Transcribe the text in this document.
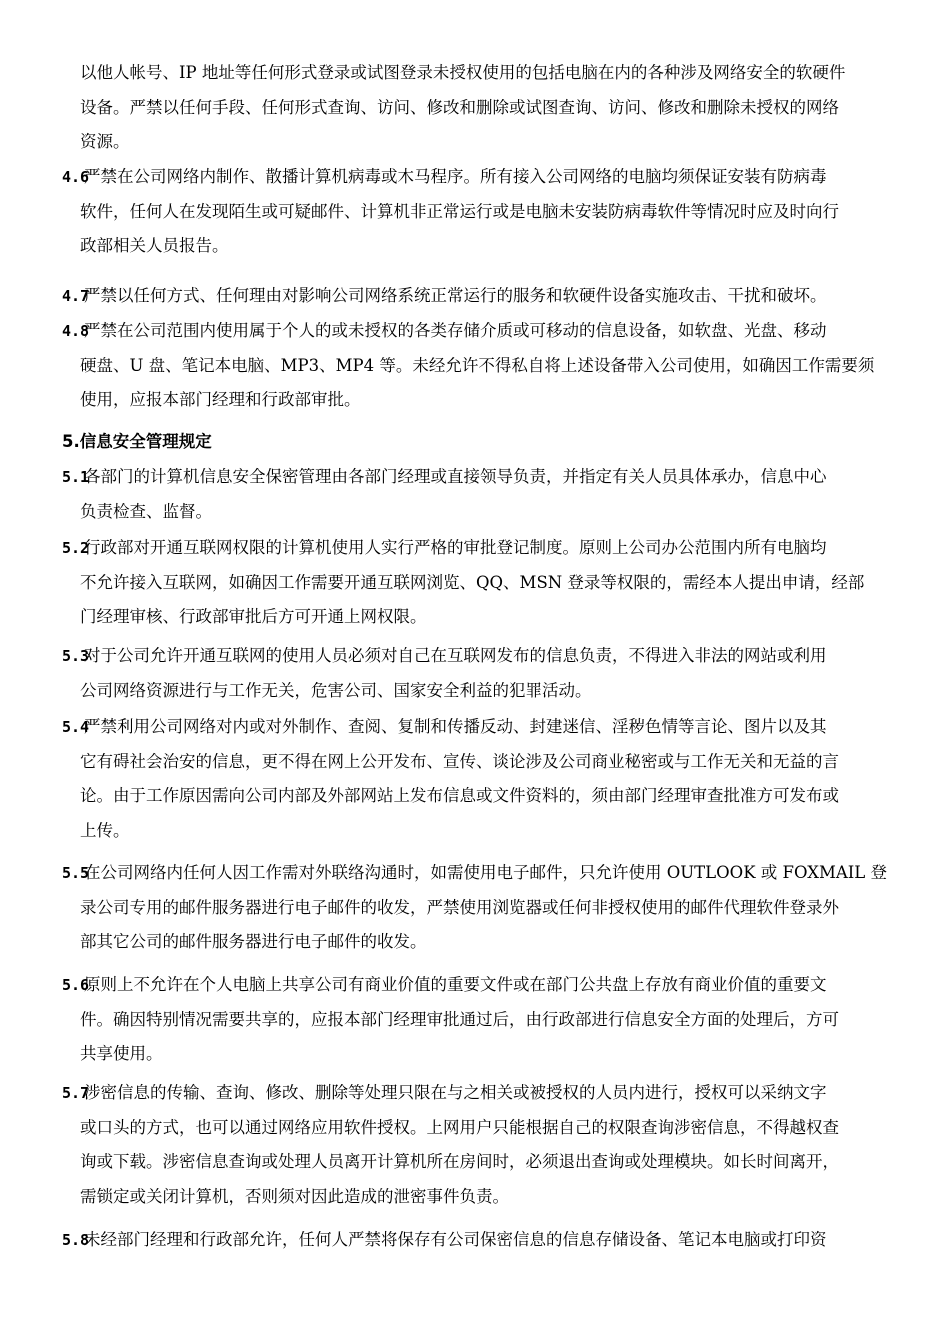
以他人帐号、IP 地址等任何形式登录或试图登录未授权使用的包括电脑在内的各种涉及网络安全的软硬件
设备。严禁以任何手段、任何形式查询、访问、修改和删除或试图查询、访问、修改和删除未授权的网络
资源。
4.6严禁在公司网络内制作、散播计算机病毒或木马程序。所有接入公司网络的电脑均须保证安装有防病毒
软件，任何人在发现陌生或可疑邮件、计算机非正常运行或是电脑未安装防病毒软件等情况时应及时向行
政部相关人员报告。
4.7严禁以任何方式、任何理由对影响公司网络系统正常运行的服务和软硬件设备实施攻击、干扰和破坏。
4.8严禁在公司范围内使用属于个人的或未授权的各类存储介质或可移动的信息设备，如软盘、光盘、移动
硬盘、U 盘、笔记本电脑、MP3、MP4 等。未经允许不得私自将上述设备带入公司使用，如确因工作需要须
使用，应报本部门经理和行政部审批。
5.信息安全管理规定
5.1各部门的计算机信息安全保密管理由各部门经理或直接领导负责，并指定有关人员具体承办，信息中心
负责检查、监督。
5.2行政部对开通互联网权限的计算机使用人实行严格的审批登记制度。原则上公司办公范围内所有电脑均
不允许接入互联网，如确因工作需要开通互联网浏览、QQ、MSN 登录等权限的，需经本人提出申请，经部
门经理审核、行政部审批后方可开通上网权限。
5.3对于公司允许开通互联网的使用人员必须对自己在互联网发布的信息负责，不得进入非法的网站或利用
公司网络资源进行与工作无关，危害公司、国家安全利益的犯罪活动。
5.4严禁利用公司网络对内或对外制作、查阅、复制和传播反动、封建迷信、淫秽色情等言论、图片以及其
它有碍社会治安的信息，更不得在网上公开发布、宣传、谈论涉及公司商业秘密或与工作无关和无益的言
论。由于工作原因需向公司内部及外部网站上发布信息或文件资料的，须由部门经理审查批准方可发布或
上传。
5.5在公司网络内任何人因工作需对外联络沟通时，如需使用电子邮件，只允许使用 OUTLOOK 或 FOXMAIL 登
录公司专用的邮件服务器进行电子邮件的收发，严禁使用浏览器或任何非授权使用的邮件代理软件登录外
部其它公司的邮件服务器进行电子邮件的收发。
5.6原则上不允许在个人电脑上共享公司有商业价值的重要文件或在部门公共盘上存放有商业价值的重要文
件。确因特别情况需要共享的，应报本部门经理审批通过后，由行政部进行信息安全方面的处理后，方可
共享使用。
5.7涉密信息的传输、查询、修改、删除等处理只限在与之相关或被授权的人员内进行，授权可以采纳文字
或口头的方式，也可以通过网络应用软件授权。上网用户只能根据自己的权限查询涉密信息，不得越权查
询或下载。涉密信息查询或处理人员离开计算机所在房间时，必须退出查询或处理模块。如长时间离开，
需锁定或关闭计算机，否则须对因此造成的泄密事件负责。
5.8未经部门经理和行政部允许，任何人严禁将保存有公司保密信息的信息存储设备、笔记本电脑或打印资
